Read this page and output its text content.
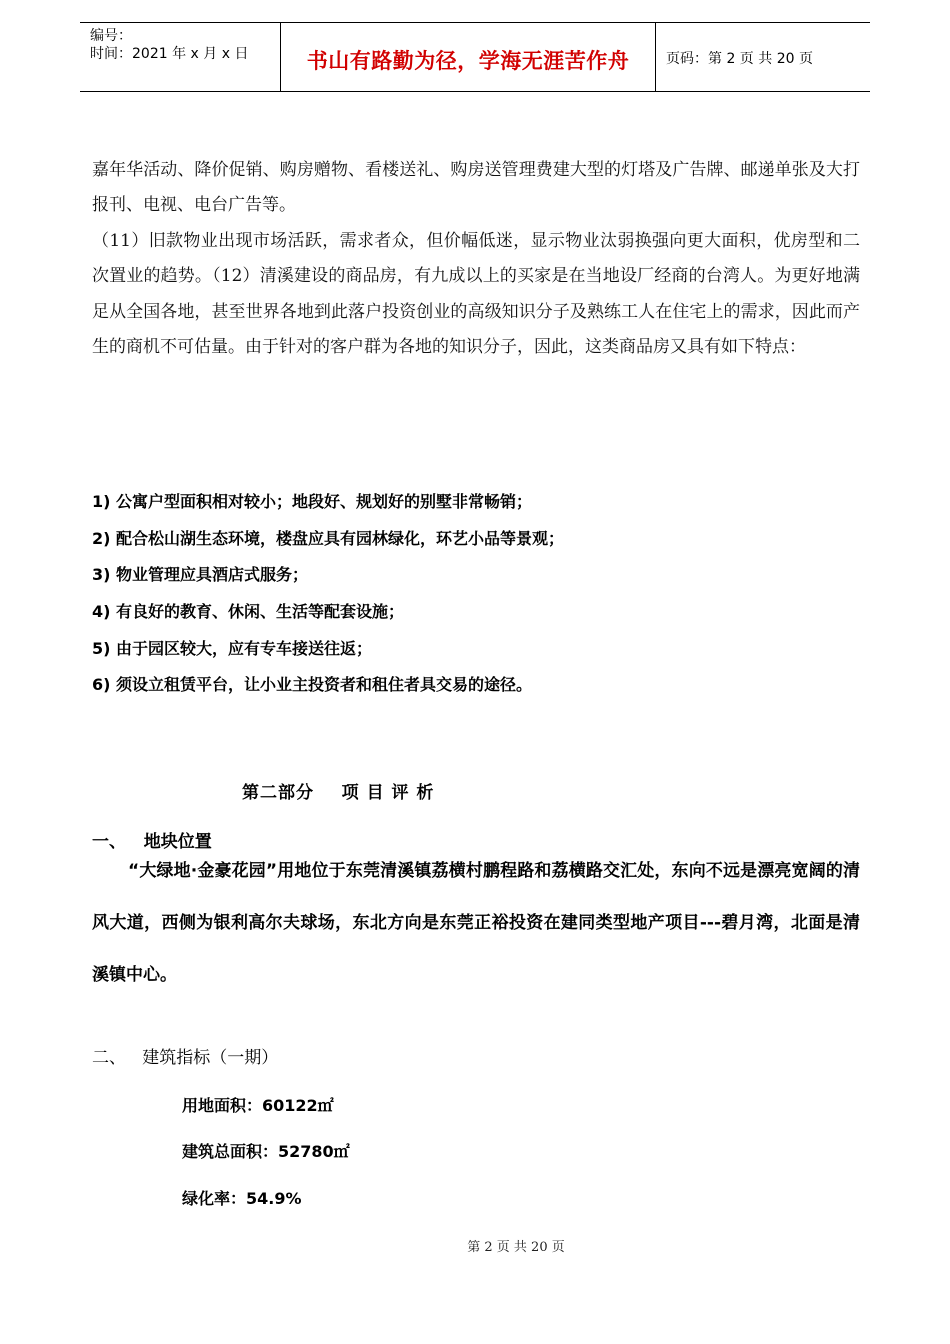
编号：
时间：2021 年 x 月 x 日	书山有路勤为径，学海无涯苦作舟	页码：第 2 页 共 20 页
嘉年华活动、降价促销、购房赠物、看楼送礼、购房送管理费建大型的灯塔及广告牌、邮递单张及大打报刊、电视、电台广告等。
（11）旧款物业出现市场活跃，需求者众，但价幅低迷，显示物业汰弱换强向更大面积，优房型和二次置业的趋势。（12）清溪建设的商品房，有九成以上的买家是在当地设厂经商的台湾人。为更好地满足从全国各地，甚至世界各地到此落户投资创业的高级知识分子及熟练工人在住宅上的需求，因此而产生的商机不可估量。由于针对的客户群为各地的知识分子，因此，这类商品房又具有如下特点：
1) 公寓户型面积相对较小；地段好、规划好的别墅非常畅销；
2) 配合松山湖生态环境，楼盘应具有园林绿化，环艺小品等景观；
3) 物业管理应具酒店式服务；
4) 有良好的教育、休闲、生活等配套设施；
5) 由于园区较大，应有专车接送往返；
6) 须设立租赁平台，让小业主投资者和租住者具交易的途径。
第二部分    项 目 评 析
一、   地块位置
“大绿地·金豪花园”用地位于东莞清溪镇荔横村鹏程路和荔横路交汇处，东向不远是漂亮宽阔的清风大道，西侧为银利高尔夫球场，东北方向是东莞正裕投资在建同类型地产项目---碧月湾，北面是清溪镇中心。
二、   建筑指标（一期）
用地面积：60122㎡
建筑总面积：52780㎡
绿化率：54.9%
第 2 页 共 20 页
